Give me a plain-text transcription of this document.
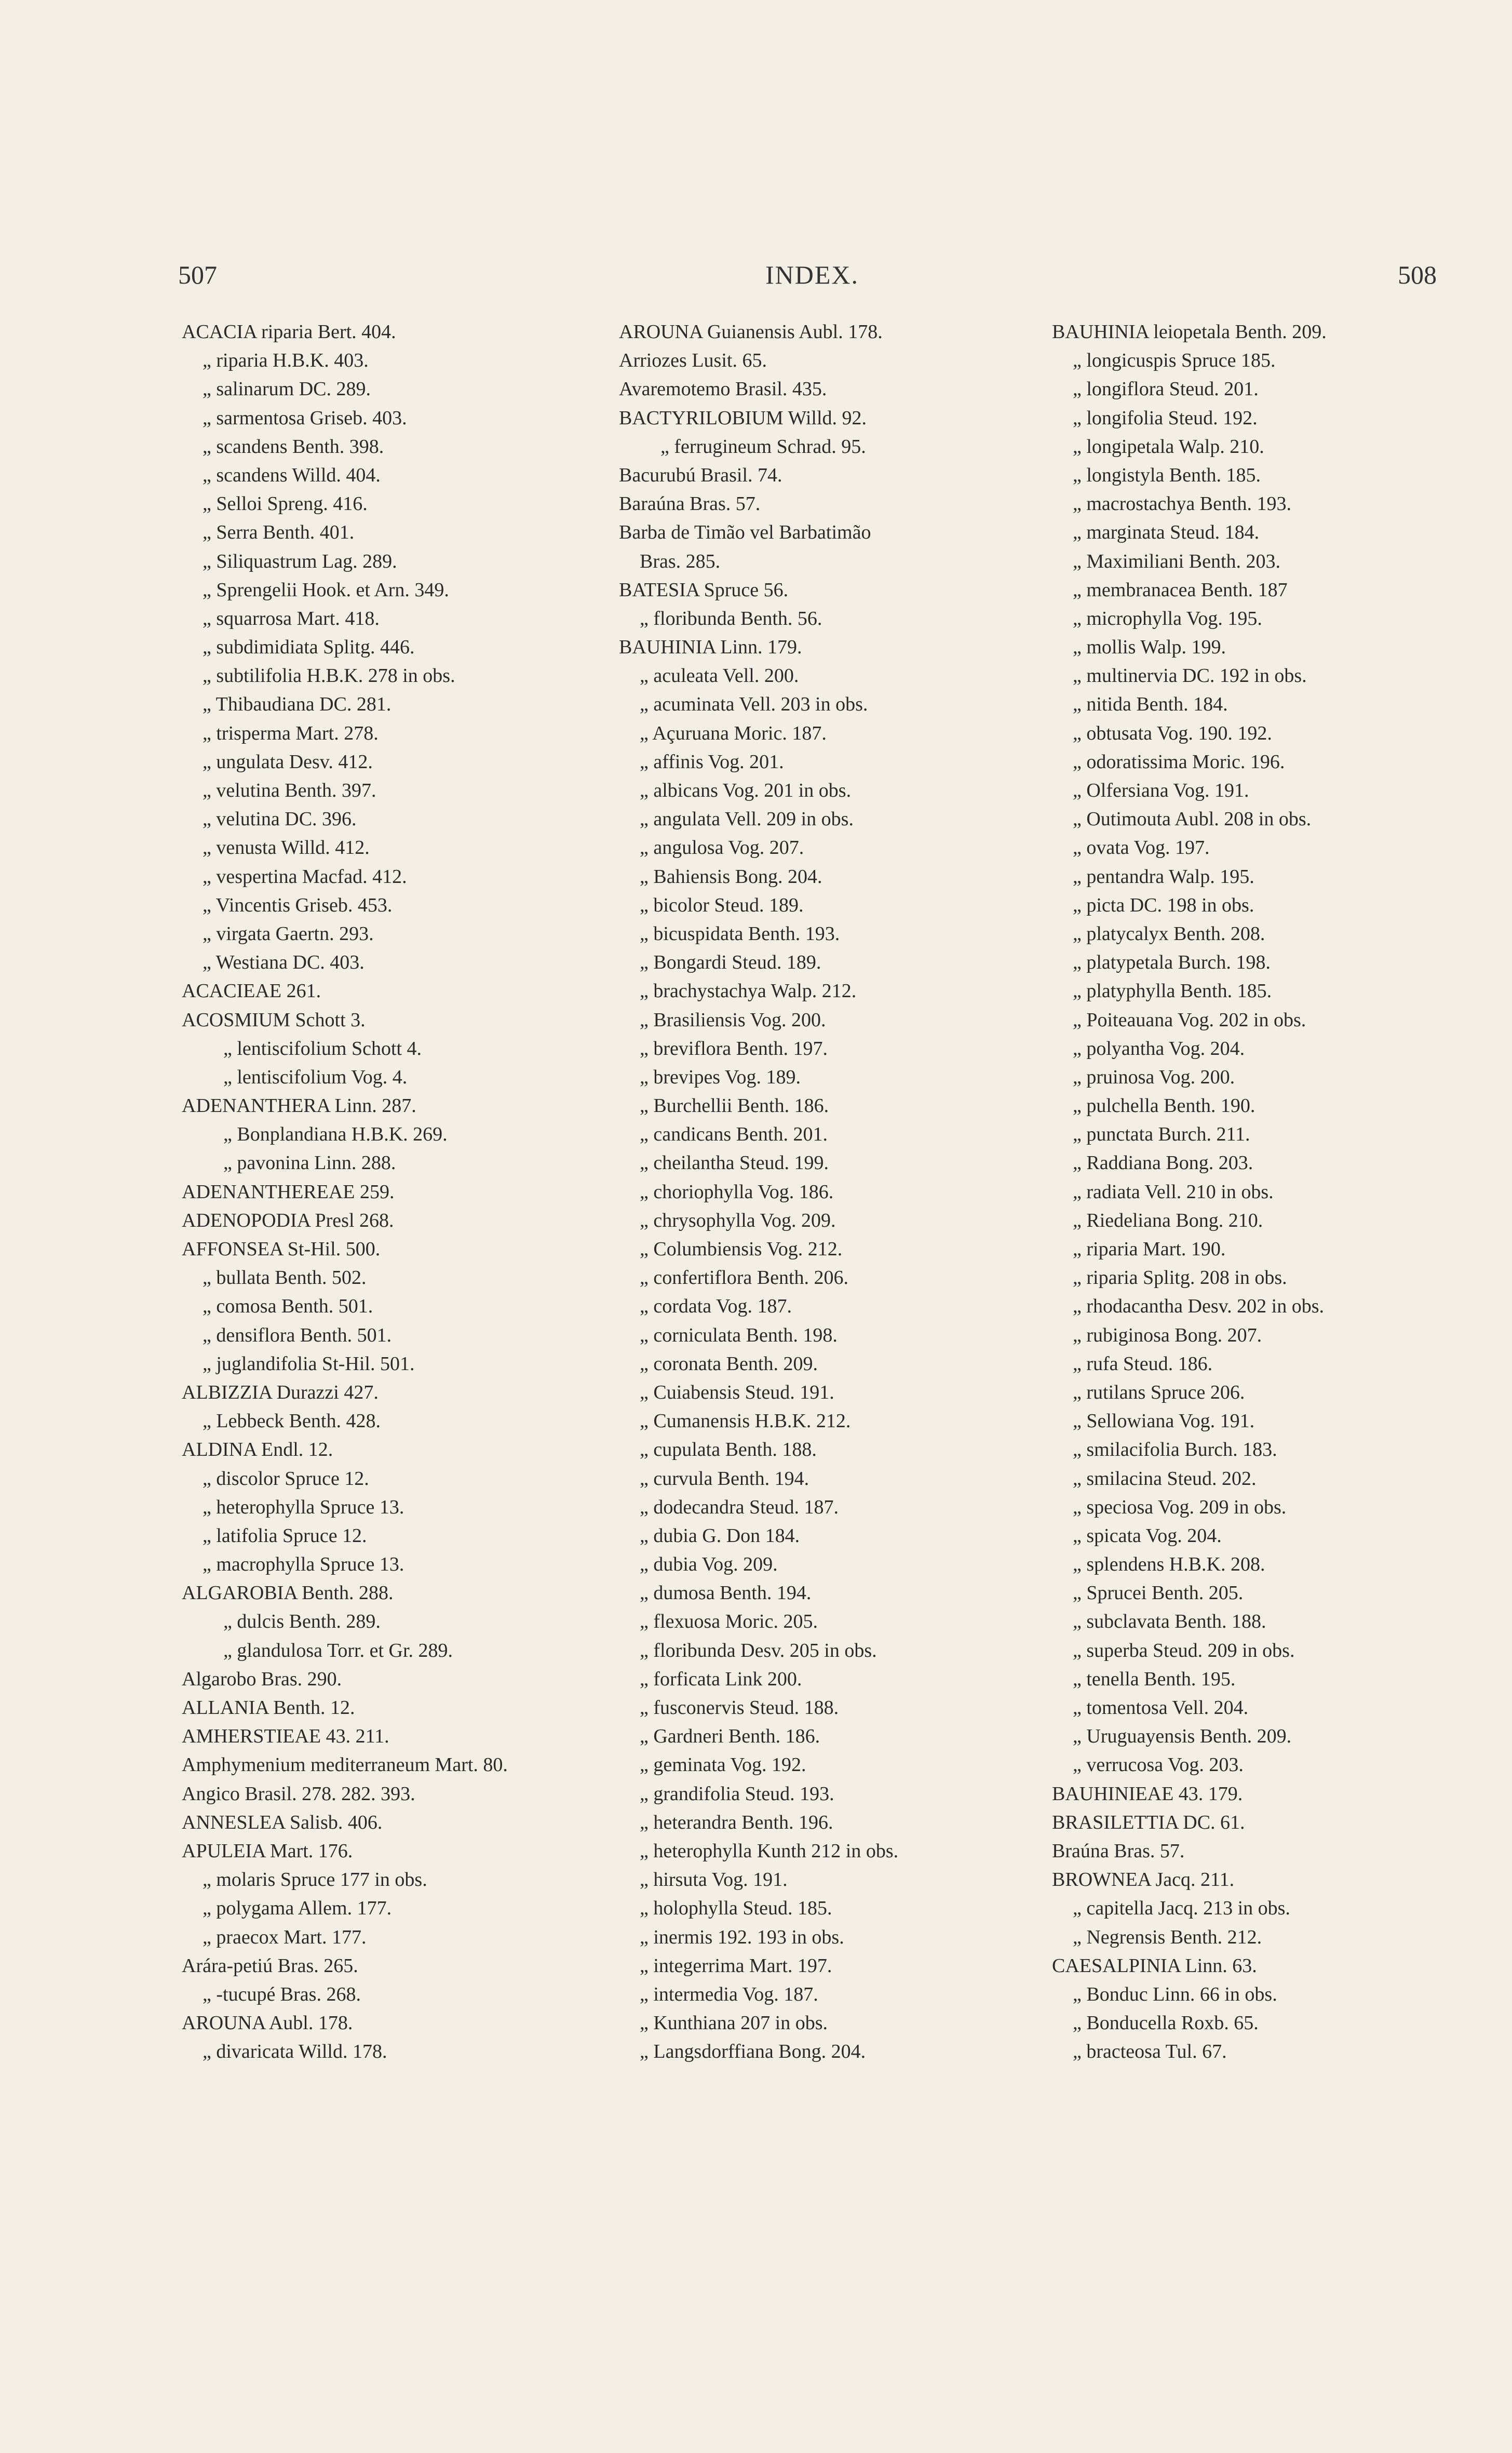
507	INDEX.	508
ACACIA riparia Bert. 404.
„ riparia H.B.K. 403.
„ salinarum DC. 289.
„ sarmentosa Griseb. 403.
„ scandens Benth. 398.
„ scandens Willd. 404.
„ Selloi Spreng. 416.
„ Serra Benth. 401.
„ Siliquastrum Lag. 289.
„ Sprengelii Hook. et Arn. 349.
„ squarrosa Mart. 418.
„ subdimidiata Splitg. 446.
„ subtilifolia H.B.K. 278 in obs.
„ Thibaudiana DC. 281.
„ trisperma Mart. 278.
„ ungulata Desv. 412.
„ velutina Benth. 397.
„ velutina DC. 396.
„ venusta Willd. 412.
„ vespertina Macfad. 412.
„ Vincentis Griseb. 453.
„ virgata Gaertn. 293.
„ Westiana DC. 403.
ACACIEAE 261.
ACOSMIUM Schott 3.
„ lentiscifolium Schott 4.
„ lentiscifolium Vog. 4.
ADENANTHERA Linn. 287.
„ Bonplandiana H.B.K. 269.
„ pavonina Linn. 288.
ADENANTHEREAE 259.
ADENOPODIA Presl 268.
AFFONSEA St-Hil. 500.
„ bullata Benth. 502.
„ comosa Benth. 501.
„ densiflora Benth. 501.
„ juglandifolia St-Hil. 501.
ALBIZZIA Durazzi 427.
„ Lebbeck Benth. 428.
ALDINA Endl. 12.
„ discolor Spruce 12.
„ heterophylla Spruce 13.
„ latifolia Spruce 12.
„ macrophylla Spruce 13.
ALGAROBIA Benth. 288.
„ dulcis Benth. 289.
„ glandulosa Torr. et Gr. 289.
Algarobo Bras. 290.
ALLANIA Benth. 12.
AMHERSTIEAE 43. 211.
Amphymenium mediterraneum Mart. 80.
Angico Brasil. 278. 282. 393.
ANNESLEA Salisb. 406.
APULEIA Mart. 176.
„ molaris Spruce 177 in obs.
„ polygama Allem. 177.
„ praecox Mart. 177.
Arára-petiú Bras. 265.
„ -tucupé Bras. 268.
AROUNA Aubl. 178.
„ divaricata Willd. 178.
AROUNA Guianensis Aubl. 178.
Arriozes Lusit. 65.
Avaremotemo Brasil. 435.
BACTYRILOBIUM Willd. 92.
„ ferrugineum Schrad. 95.
Bacurubú Brasil. 74.
Baraúna Bras. 57.
Barba de Timão vel Barbatimão
Bras. 285.
BATESIA Spruce 56.
„ floribunda Benth. 56.
BAUHINIA Linn. 179.
„ aculeata Vell. 200.
„ acuminata Vell. 203 in obs.
„ Açuruana Moric. 187.
„ affinis Vog. 201.
„ albicans Vog. 201 in obs.
„ angulata Vell. 209 in obs.
„ angulosa Vog. 207.
„ Bahiensis Bong. 204.
„ bicolor Steud. 189.
„ bicuspidata Benth. 193.
„ Bongardi Steud. 189.
„ brachystachya Walp. 212.
„ Brasiliensis Vog. 200.
„ breviflora Benth. 197.
„ brevipes Vog. 189.
„ Burchellii Benth. 186.
„ candicans Benth. 201.
„ cheilantha Steud. 199.
„ choriophylla Vog. 186.
„ chrysophylla Vog. 209.
„ Columbiensis Vog. 212.
„ confertiflora Benth. 206.
„ cordata Vog. 187.
„ corniculata Benth. 198.
„ coronata Benth. 209.
„ Cuiabensis Steud. 191.
„ Cumanensis H.B.K. 212.
„ cupulata Benth. 188.
„ curvula Benth. 194.
„ dodecandra Steud. 187.
„ dubia G. Don 184.
„ dubia Vog. 209.
„ dumosa Benth. 194.
„ flexuosa Moric. 205.
„ floribunda Desv. 205 in obs.
„ forficata Link 200.
„ fusconervis Steud. 188.
„ Gardneri Benth. 186.
„ geminata Vog. 192.
„ grandifolia Steud. 193.
„ heterandra Benth. 196.
„ heterophylla Kunth 212 in obs.
„ hirsuta Vog. 191.
„ holophylla Steud. 185.
„ inermis 192. 193 in obs.
„ integerrima Mart. 197.
„ intermedia Vog. 187.
„ Kunthiana 207 in obs.
„ Langsdorffiana Bong. 204.
BAUHINIA leiopetala Benth. 209.
„ longicuspis Spruce 185.
„ longiflora Steud. 201.
„ longifolia Steud. 192.
„ longipetala Walp. 210.
„ longistyla Benth. 185.
„ macrostachya Benth. 193.
„ marginata Steud. 184.
„ Maximiliani Benth. 203.
„ membranacea Benth. 187
„ microphylla Vog. 195.
„ mollis Walp. 199.
„ multinervia DC. 192 in obs.
„ nitida Benth. 184.
„ obtusata Vog. 190. 192.
„ odoratissima Moric. 196.
„ Olfersiana Vog. 191.
„ Outimouta Aubl. 208 in obs.
„ ovata Vog. 197.
„ pentandra Walp. 195.
„ picta DC. 198 in obs.
„ platycalyx Benth. 208.
„ platypetala Burch. 198.
„ platyphylla Benth. 185.
„ Poiteauana Vog. 202 in obs.
„ polyantha Vog. 204.
„ pruinosa Vog. 200.
„ pulchella Benth. 190.
„ punctata Burch. 211.
„ Raddiana Bong. 203.
„ radiata Vell. 210 in obs.
„ Riedeliana Bong. 210.
„ riparia Mart. 190.
„ riparia Splitg. 208 in obs.
„ rhodacantha Desv. 202 in obs.
„ rubiginosa Bong. 207.
„ rufa Steud. 186.
„ rutilans Spruce 206.
„ Sellowiana Vog. 191.
„ smilacifolia Burch. 183.
„ smilacina Steud. 202.
„ speciosa Vog. 209 in obs.
„ spicata Vog. 204.
„ splendens H.B.K. 208.
„ Sprucei Benth. 205.
„ subclavata Benth. 188.
„ superba Steud. 209 in obs.
„ tenella Benth. 195.
„ tomentosa Vell. 204.
„ Uruguayensis Benth. 209.
„ verrucosa Vog. 203.
BAUHINIEAE 43. 179.
BRASILETTIA DC. 61.
Braúna Bras. 57.
BROWNEA Jacq. 211.
„ capitella Jacq. 213 in obs.
„ Negrensis Benth. 212.
CAESALPINIA Linn. 63.
„ Bonduc Linn. 66 in obs.
„ Bonducella Roxb. 65.
„ bracteosa Tul. 67.
